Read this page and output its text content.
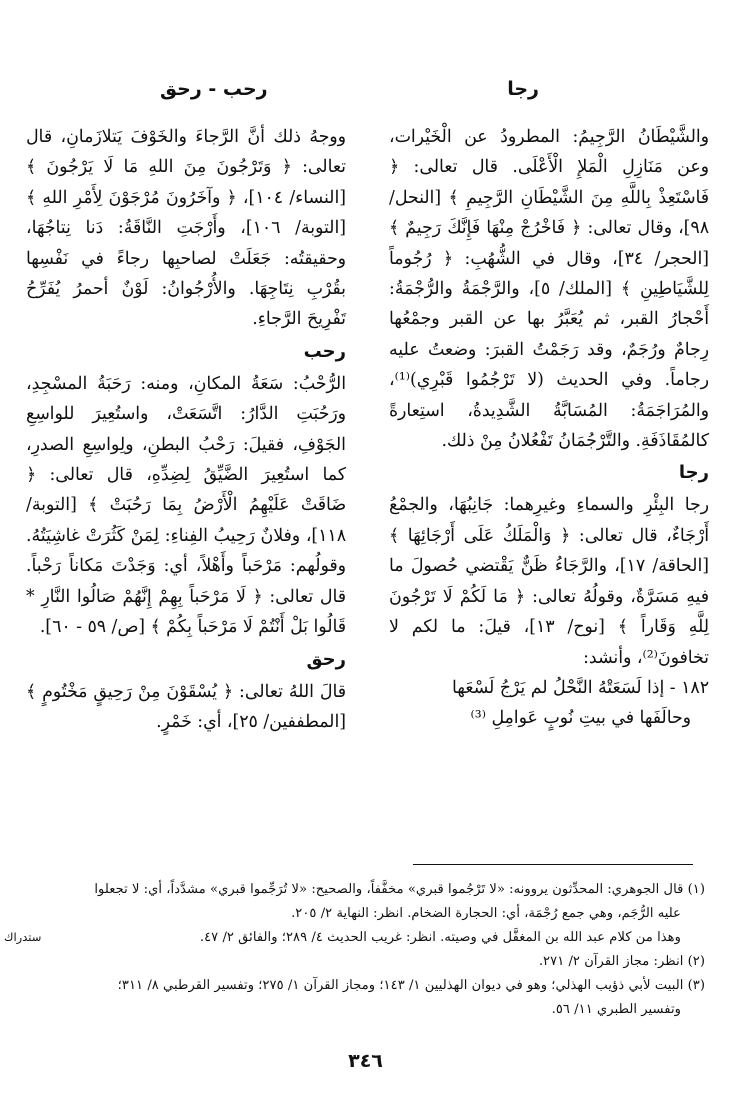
رجا
رحب - رحق

والشَّيْطَانُ الرَّجِيمُ: المطرودُ عن الْخَيْرات، وعن مَنَازِلِ الْمَلإِ الْأَعْلَى. قال تعالى: ﴿ فَاسْتَعِذْ بِاللَّهِ مِنَ الشَّيْطَانِ الرَّجِيمِ ﴾ [النحل/ ٩٨]، وقال تعالى: ﴿ فَاخْرُجْ مِنْهَا فَإِنَّكَ رَجِيمٌ ﴾ [الحجر/ ٣٤]، وقال في الشُّهُبِ: ﴿ رُجُوماً لِلشَّيَاطِينِ ﴾ [الملك/ ٥]، والرَّجْمَةُ والرُّجْمَةُ: أَحْجارُ القبر، ثم يُعَبَّرُ بها عن القبر وجمْعُها رِجامٌ ورُجَمٌ، وقد رَجَمْتُ القبرَ: وضعتُ عليه رجاماً. وفي الحديث (لا تَرْجُمُوا قَبْرِي)⁽¹⁾، والمُرَاجَمَةُ: المُسَابَّةُ الشَّدِيدةُ، استِعارةً كالمُقَاذَفَةِ. والتَّرْجُمَانُ تَفْعُلانُ مِنْ ذلك.

رجا

رجا البِئْرِ والسماءِ وغيرِهما: جَانِبُهَا، والجمْعُ أَرْجَاءٌ، قال تعالى: ﴿ وَالْمَلَكُ عَلَى أَرْجَائِهَا ﴾ [الحاقة/ ١٧]، والرَّجَاءُ ظَنٌّ يَقْتضي حُصولَ ما فيهِ مَسَرَّةٌ، وقولُهُ تعالى: ﴿ مَا لَكُمْ لَا تَرْجُونَ لِلَّهِ وَقَاراً ﴾ [نوح/ ١٣]، قيلَ: ما لكم لا تخافونَ⁽²⁾، وأنشد:

١٨٢ - إذا لَسَعَتْهُ النَّحْلُ لم يَرْجُ لَسْعَها

وحالَفَها في بيتِ نُوبٍ عَوامِلِ ⁽³⁾

ووجهُ ذلك أنَّ الرَّجاءَ والخَوْفَ يَتلازَمانِ، قال تعالى: ﴿ وَتَرْجُونَ مِنَ اللهِ مَا لَا يَرْجُونَ ﴾ [النساء/ ١٠٤]، ﴿ وآخَرُونَ مُرْجَوْنَ لِأَمْرِ اللهِ ﴾ [التوبة/ ١٠٦]، وأَرْجَتِ النَّاقَةُ: دَنا نِتاجُهَا، وحقيقتُه: جَعَلَتْ لصاحبِها رجاءً في نَفْسِها بقُرْبِ نِتَاجِهَا. والأُرْجُوانُ: لَوْنٌ أحمرُ يُفَرِّحُ تَفْرِيحَ الرَّجاءِ.

رحب

الرُّحْبُ: سَعَةُ المكانِ، ومنه: رَحَبَةُ المسْجِدِ، ورَحُبَتِ الدَّارُ: اتَّسَعَتْ، واستُعِيرَ للواسِعِ الجَوْفِ، فقيلَ: رَحْبُ البطنِ، ولِواسِعِ الصدرِ، كما استُعِيرَ الضَّيِّقُ لِضِدِّهِ، قال تعالى: ﴿ ضَاقَتْ عَلَيْهِمُ الْأَرْضُ بِمَا رَحُبَتْ ﴾ [التوبة/ ١١٨]، وفلانٌ رَحِيبُ الفِناءِ: لِمَنْ كَثُرَتْ غاشِيَتُهُ. وقولُهم: مَرْحَباً وأَهْلاً، أي: وَجَدْتَ مَكاناً رَحْباً. قال تعالى: ﴿ لَا مَرْحَباً بِهِمْ إِنَّهُمْ صَالُوا النَّارِ * قَالُوا بَلْ أَنْتُمْ لَا مَرْحَباً بِكُمْ ﴾ [ص/ ٥٩ - ٦٠].

رحق

قالَ اللهُ تعالى: ﴿ يُسْقَوْنَ مِنْ رَحِيقٍ مَخْتُومٍ ﴾ [المطففين/ ٢٥]، أي: خَمْرٍ.

(١) قال الجوهري: المحدِّثون يروونه: «لا تَرْجُموا قبري» مخفَّفاً، والصحيح: «لا تُرَجِّموا قبري» مشدَّداً، أي: لا تجعلوا

عليه الرُّجَم، وهي جمع رُجْمَة، أي: الحجارة الضخام. انظر: النهاية ٢/ ٢٠٥.

وهذا من كلام عبد الله بن المغفَّل في وصيته. انظر: غريب الحديث ٤/ ٢٨٩؛ والفائق ٢/ ٤٧.

(٢) انظر: مجاز القرآن ٢/ ٢٧١.

(٣) البيت لأبي ذؤيب الهذلي؛ وهو في ديوان الهذليين ١/ ١٤٣؛ ومجاز القرآن ١/ ٢٧٥؛ وتفسير القرطبي ٨/ ٣١١؛

وتفسير الطبري ١١/ ٥٦.

ستدراك
٣٤٦
